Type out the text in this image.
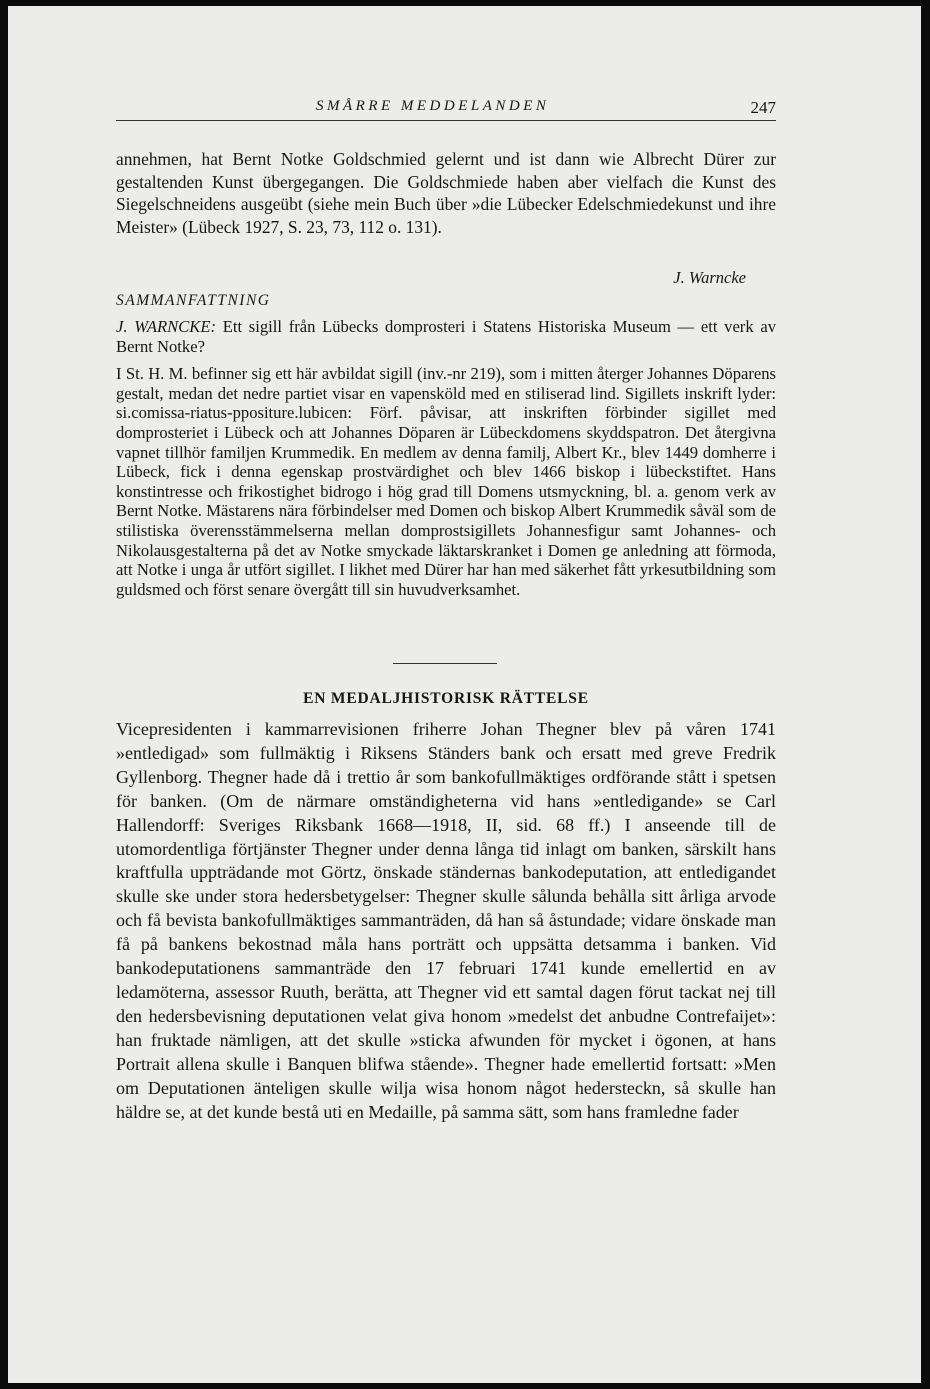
SMÅRRE MEDDELANDEN	247

annehmen, hat Bernt Notke Goldschmied gelernt und ist dann wie Albrecht Dürer zur gestaltenden Kunst übergegangen. Die Goldschmiede haben aber vielfach die Kunst des Siegelschneidens ausgeübt (siehe mein Buch über »die Lübecker Edelschmiedekunst und ihre Meister» (Lübeck 1927, S. 23, 73, 112 o. 131).

J. Warncke
SAMMANFATTNING

J. WARNCKE: Ett sigill från Lübecks domprosteri i Statens Historiska Museum — ett verk av Bernt Notke?

I St. H. M. befinner sig ett här avbildat sigill (inv.-nr 219), som i mitten återger Johannes Döparens gestalt, medan det nedre partiet visar en vapensköld med en stiliserad lind. Sigillets inskrift lyder: si.comissa-riatus-ppositure.lubicen: Förf. påvisar, att inskriften förbinder sigillet med domprosteriet i Lübeck och att Johannes Döparen är Lübeckdomens skyddspatron. Det återgivna vapnet tillhör familjen Krummedik. En medlem av denna familj, Albert Kr., blev 1449 domherre i Lübeck, fick i denna egenskap prostvärdighet och blev 1466 biskop i lübeckstiftet. Hans konstintresse och frikostighet bidrogo i hög grad till Domens utsmyckning, bl. a. genom verk av Bernt Notke. Mästarens nära förbindelser med Domen och biskop Albert Krummedik såväl som de stilistiska överensstämmelserna mellan domprostsigillets Johannesfigur samt Johannes- och Nikolausgestalterna på det av Notke smyckade läktarskranket i Domen ge anledning att förmoda, att Notke i unga år utfört sigillet. I likhet med Dürer har han med säkerhet fått yrkesutbildning som guldsmed och först senare övergått till sin huvudverksamhet.

EN MEDALJHISTORISK RÄTTELSE

Vicepresidenten i kammarrevisionen friherre Johan Thegner blev på våren 1741 »entledigad» som fullmäktig i Riksens Ständers bank och ersatt med greve Fredrik Gyllenborg. Thegner hade då i trettio år som bankofullmäktiges ordförande stått i spetsen för banken. (Om de närmare omständigheterna vid hans »entledigande» se Carl Hallendorff: Sveriges Riksbank 1668—1918, II, sid. 68 ff.) I anseende till de utomordentliga förtjänster Thegner under denna långa tid inlagt om banken, särskilt hans kraftfulla uppträdande mot Görtz, önskade ständernas bankodeputation, att entledigandet skulle ske under stora hedersbetygelser: Thegner skulle sålunda behålla sitt årliga arvode och få bevista bankofullmäktiges sammanträden, då han så åstundade; vidare önskade man få på bankens bekostnad måla hans porträtt och uppsätta detsamma i banken. Vid bankodeputationens sammanträde den 17 februari 1741 kunde emellertid en av ledamöterna, assessor Ruuth, berätta, att Thegner vid ett samtal dagen förut tackat nej till den hedersbevisning deputationen velat giva honom »medelst det anbudne Contrefaijet»: han fruktade nämligen, att det skulle »sticka afwunden för mycket i ögonen, at hans Portrait allena skulle i Banquen blifwa stående». Thegner hade emellertid fortsatt: »Men om Deputationen änteligen skulle wilja wisa honom något hedersteckn, så skulle han häldre se, at det kunde bestå uti en Medaille, på samma sätt, som hans framledne fader
